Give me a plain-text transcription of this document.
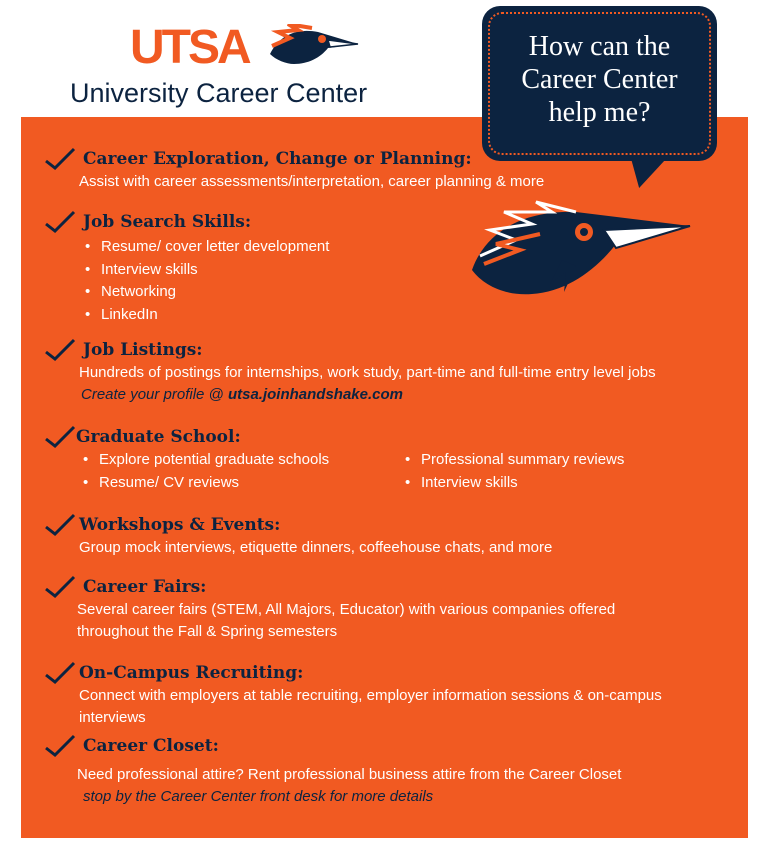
UTSA
University Career Center
How can the
Career Center
help me?
Career Exploration, Change or Planning:
Assist with career assessments/interpretation, career planning & more
Job Search Skills:
• Resume/ cover letter development
• Interview skills
• Networking
• LinkedIn
Job Listings:
Hundreds of postings for internships, work study, part-time and full-time entry level jobs
Create your profile @ utsa.joinhandshake.com
Graduate School:
• Explore potential graduate schools
• Resume/ CV reviews
• Professional summary reviews
• Interview skills
Workshops & Events:
Group mock interviews, etiquette dinners, coffeehouse chats, and more
Career Fairs:
Several career fairs (STEM, All Majors, Educator) with various companies offered
throughout the Fall & Spring semesters
On-Campus Recruiting:
Connect with employers at table recruiting, employer information sessions & on-campus
interviews
Career Closet:
Need professional attire? Rent professional business attire from the Career Closet
stop by the Career Center front desk for more details
